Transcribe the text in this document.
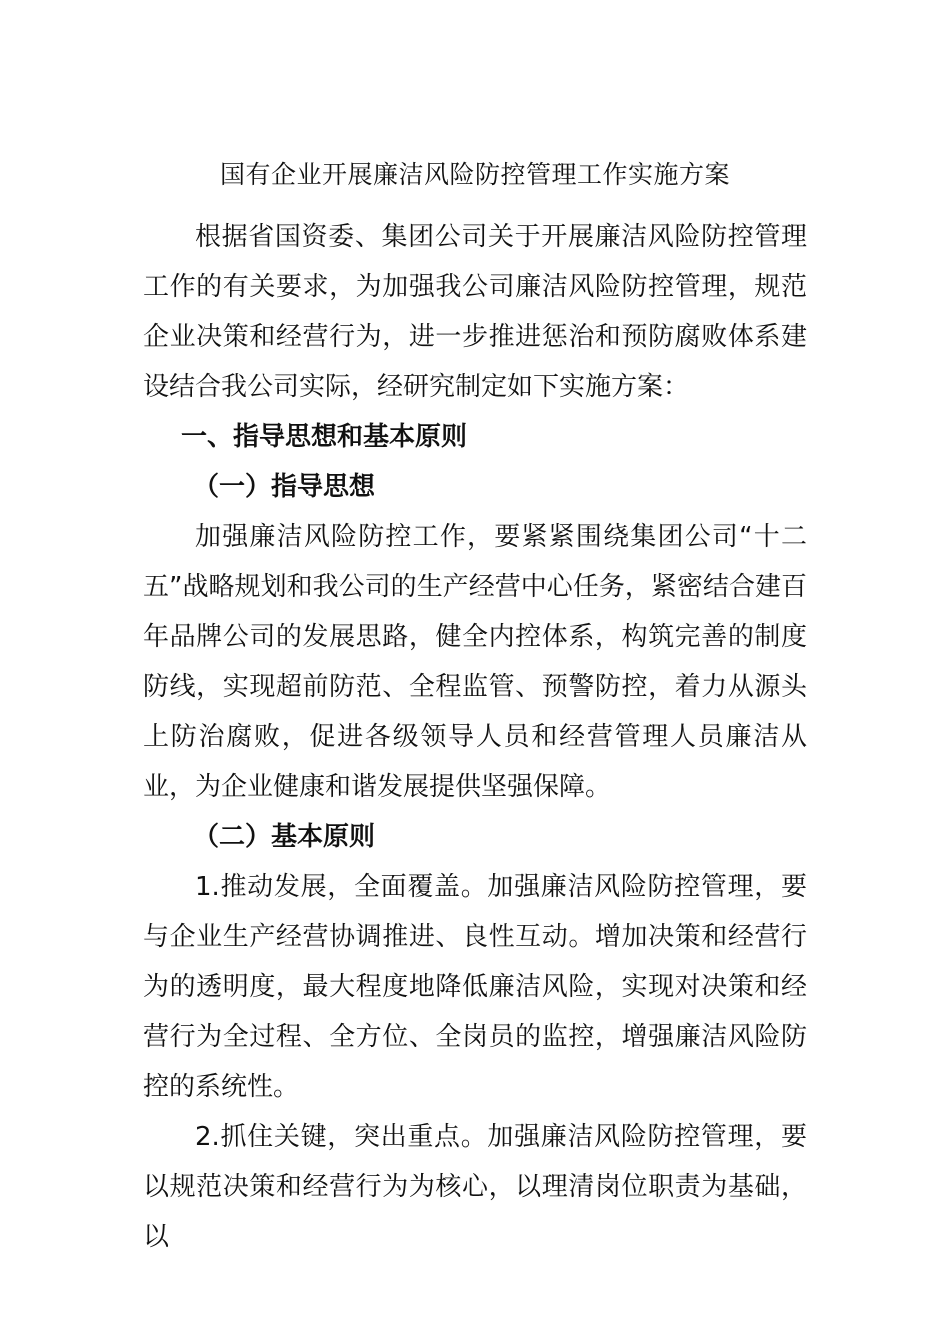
国有企业开展廉洁风险防控管理工作实施方案

根据省国资委、集团公司关于开展廉洁风险防控管理工作的有关要求，为加强我公司廉洁风险防控管理，规范企业决策和经营行为，进一步推进惩治和预防腐败体系建设结合我公司实际，经研究制定如下实施方案：

一、指导思想和基本原则

（一）指导思想

加强廉洁风险防控工作，要紧紧围绕集团公司“十二五”战略规划和我公司的生产经营中心任务，紧密结合建百年品牌公司的发展思路，健全内控体系，构筑完善的制度防线，实现超前防范、全程监管、预警防控，着力从源头上防治腐败，促进各级领导人员和经营管理人员廉洁从业，为企业健康和谐发展提供坚强保障。

（二）基本原则

1.推动发展，全面覆盖。加强廉洁风险防控管理，要与企业生产经营协调推进、良性互动。增加决策和经营行为的透明度，最大程度地降低廉洁风险，实现对决策和经营行为全过程、全方位、全岗员的监控，增强廉洁风险防控的系统性。

2.抓住关键，突出重点。加强廉洁风险防控管理，要以规范决策和经营行为为核心，以理清岗位职责为基础，以
